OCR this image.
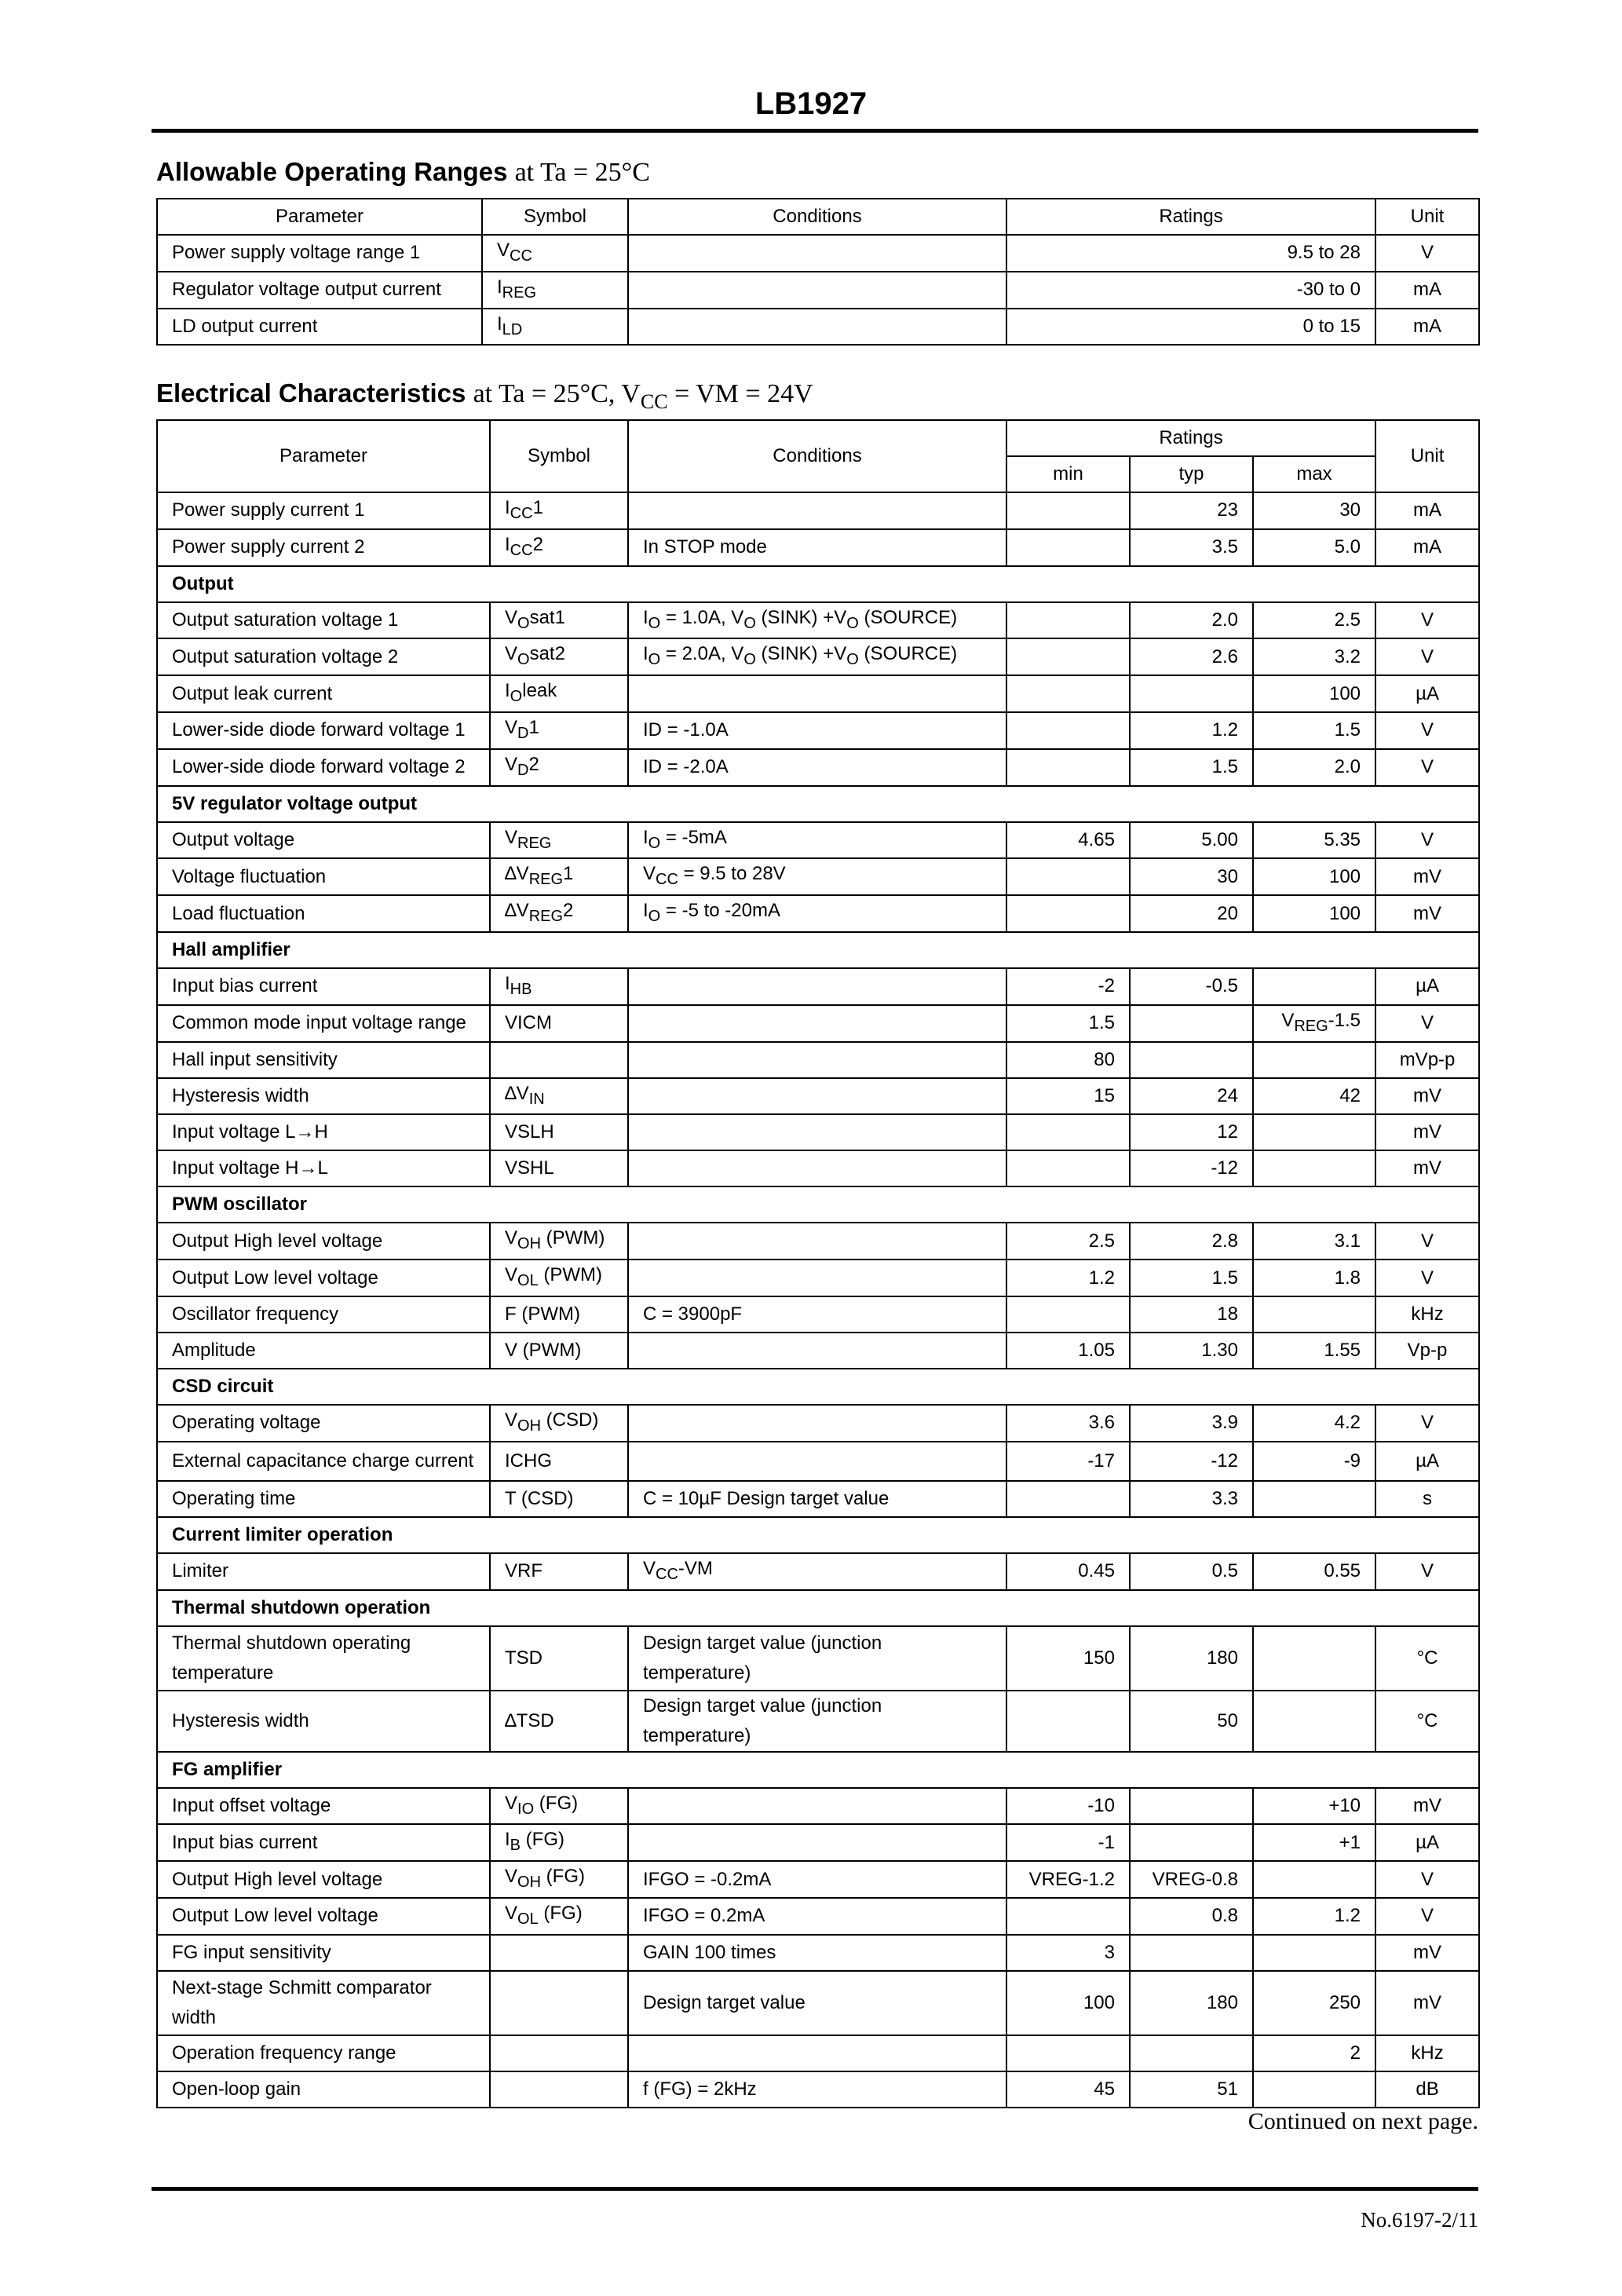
LB1927
Allowable Operating Ranges at Ta = 25°C
Parameter	Symbol	Conditions	Ratings	Unit
Power supply voltage range 1	$V_{CC}$		9.5 to 28	V
Regulator voltage output current	$I_{REG}$		-30 to 0	mA
LD output current	$I_{LD}$		0 to 15	mA
Electrical Characteristics at Ta = 25°C, $V_{CC}$ = VM = 24V
Parameter	Symbol	Conditions	Ratings			Unit
			min	typ	max	
Power supply current 1	$I_{CC}1$			23	30	mA
Power supply current 2	$I_{CC}2$	In STOP mode		3.5	5.0	mA
Output						
Output saturation voltage 1	$V_Osat1$	$I_O = 1.0A$, $V_O$ (SINK) $+V_O$ (SOURCE)		2.0	2.5	V
Output saturation voltage 2	$V_Osat2$	$I_O = 2.0A$, $V_O$ (SINK) $+V_O$ (SOURCE)		2.6	3.2	V
Output leak current	$I_Oleak$				100	µA
Lower-side diode forward voltage 1	$V_D1$	ID = -1.0A		1.2	1.5	V
Lower-side diode forward voltage 2	$V_D2$	ID = -2.0A		1.5	2.0	V
5V regulator voltage output						
Output voltage	$V_{REG}$	$I_O = -5mA$	4.65	5.00	5.35	V
Voltage fluctuation	$\Delta V_{REG}1$	$V_{CC} = 9.5$ to 28V		30	100	mV
Load fluctuation	$\Delta V_{REG}2$	$I_O = -5$ to -20mA		20	100	mV
Hall amplifier						
Input bias current	$I_{HB}$		-2	-0.5		µA
Common mode input voltage range	VICM		1.5		$V_{REG}-1.5$	V
Hall input sensitivity			80			mVp-p
Hysteresis width	$\Delta V_{IN}$		15	24	42	mV
Input voltage L→H	VSLH			12		mV
Input voltage H→L	VSHL			-12		mV
PWM oscillator						
Output High level voltage	$V_{OH}$ (PWM)		2.5	2.8	3.1	V
Output Low level voltage	$V_{OL}$ (PWM)		1.2	1.5	1.8	V
Oscillator frequency	F (PWM)	C = 3900pF		18		kHz
Amplitude	V (PWM)		1.05	1.30	1.55	Vp-p
CSD circuit						
Operating voltage	$V_{OH}$ (CSD)		3.6	3.9	4.2	V
External capacitance charge current	ICHG		-17	-12	-9	µA
Operating time	T (CSD)	C = 10µF Design target value		3.3		s
Current limiter operation						
Limiter	VRF	$V_{CC}-VM$	0.45	0.5	0.55	V
Thermal shutdown operation						
Thermal shutdown operating temperature	TSD	Design target value (junction temperature)	150	180		°C
Hysteresis width	∆TSD	Design target value (junction temperature)		50		°C
FG amplifier						
Input offset voltage	$V_{IO}$ (FG)		-10		+10	mV
Input bias current	$I_B$ (FG)		-1		+1	µA
Output High level voltage	$V_{OH}$ (FG)	IFGO = -0.2mA	VREG-1.2	VREG-0.8		V
Output Low level voltage	$V_{OL}$ (FG)	IFGO = 0.2mA		0.8	1.2	V
FG input sensitivity		GAIN 100 times	3			mV
Next-stage Schmitt comparator width		Design target value	100	180	250	mV
Operation frequency range					2	kHz
Open-loop gain		f (FG) = 2kHz	45	51		dB
Continued on next page.
No.6197-2/11
